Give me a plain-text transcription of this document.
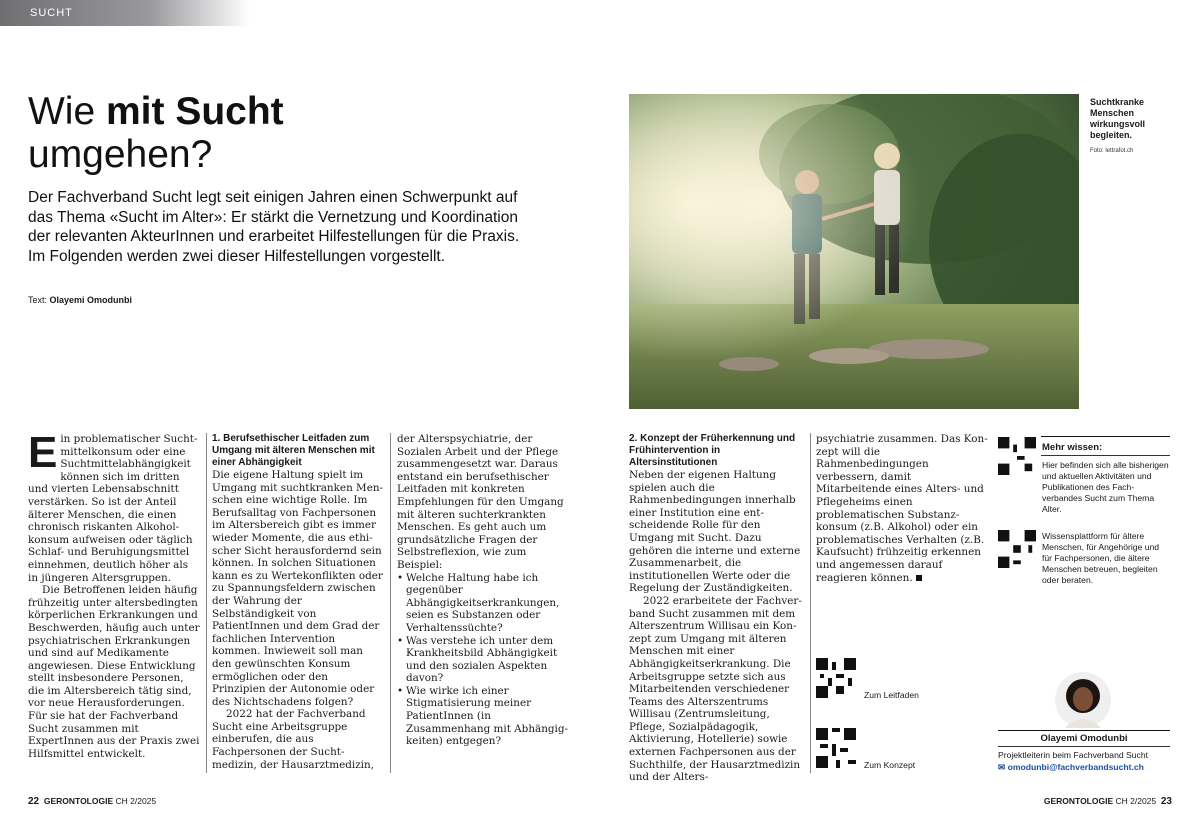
SUCHT
Wie mit Sucht
umgehen?
Der Fachverband Sucht legt seit einigen Jahren einen Schwerpunkt auf das Thema «Sucht im Alter»: Er stärkt die Vernetzung und Koordination der relevanten AkteurInnen und erarbeitet Hilfestellungen für die Praxis. Im Folgenden werden zwei dieser Hilfestellungen vorgestellt.
Text: Olayemi Omodunbi
Suchtkranke Menschen wirkungsvoll begleiten.
Foto: lettrafot.ch

Ein problematischer Suchtmittelkonsum oder eine Suchtmittelabhängigkeit können sich im dritten und vierten Lebensabschnitt verstärken. So ist der Anteil älterer Menschen, die einen chronisch riskanten Alkoholkonsum aufweisen oder täglich Schlaf- und Beruhigungsmittel einnehmen, deutlich höher als in jüngeren Altersgruppen.

Die Betroffenen leiden häufig frühzeitig unter altersbedingten körperlichen Erkrankungen und Beschwerden, häufig auch unter psychiatrischen Erkrankungen und sind auf Medikamente angewiesen. Diese Entwicklung stellt insbesondere Personen, die im Altersbereich tätig sind, vor neue Herausforderungen. Für sie hat der Fachverband Sucht zusammen mit ExpertInnen aus der Praxis zwei Hilfsmittel entwickelt.

1. Berufsethischer Leitfaden zum Umgang mit älteren Menschen mit einer Abhängigkeit

Die eigene Haltung spielt im Umgang mit suchtkranken Menschen eine wichtige Rolle. Im Berufsalltag von Fachpersonen im Altersbereich gibt es immer wieder Momente, die aus ethischer Sicht herausfordernd sein können. In solchen Situationen kann es zu Wertekonflikten oder zu Spannungsfeldern zwischen der Wahrung der Selbständigkeit von PatientInnen und dem Grad der fachlichen Intervention kommen. Inwieweit soll man den gewünschten Konsum ermöglichen oder den Prinzipien der Autonomie oder des Nichtschadens folgen?

2022 hat der Fachverband Sucht eine Arbeitsgruppe einberufen, die aus Fachpersonen der Suchtmedizin, der Hausarztmedizin,

der Alterspsychiatrie, der Sozialen Arbeit und der Pflege zusammengesetzt war. Daraus entstand ein berufsethischer Leitfaden mit konkreten Empfehlungen für den Umgang mit älteren suchterkrankten Menschen. Es geht auch um grundsätzliche Fragen der Selbstreflexion, wie zum Beispiel:

• Welche Haltung habe ich gegenüber Abhängigkeitserkrankungen, seien es Substanzen oder Verhaltenssüchte?
• Was verstehe ich unter dem Krankheitsbild Abhängigkeit und den sozialen Aspekten davon?
• Wie wirke ich einer Stigmatisierung meiner PatientInnen (in Zusammenhang mit Abhängigkeiten) entgegen?

2. Konzept der Früherkennung und Frühintervention in Altersinstitutionen

Neben der eigenen Haltung spielen auch die Rahmenbedingungen innerhalb einer Institution eine entscheidende Rolle für den Umgang mit Sucht. Dazu gehören die interne und externe Zusammenarbeit, die institutionellen Werte oder die Regelung der Zuständigkeiten.

2022 erarbeitete der Fachverband Sucht zusammen mit dem Alterszentrum Willisau ein Konzept zum Umgang mit älteren Menschen mit einer Abhängigkeitserkrankung. Die Arbeitsgruppe setzte sich aus Mitarbeitenden verschiedener Teams des Alterszentrums Willisau (Zentrumsleitung, Pflege, Sozialpädagogik, Aktivierung, Hotellerie) sowie externen Fachpersonen aus der Suchthilfe, der Hausarztmedizin und der Alters-

psychiatrie zusammen. Das Konzept will die Rahmenbedingungen verbessern, damit Mitarbeitende eines Alters- und Pflegeheims einen problematischen Substanzkonsum (z.B. Alkohol) oder ein problematisches Verhalten (z.B. Kaufsucht) frühzeitig erkennen und angemessen darauf reagieren können.

Zum Leitfaden
Zum Konzept
Mehr wissen:
Hier befinden sich alle bisherigen und aktuellen Aktivitäten und Publikationen des Fachverbandes Sucht zum Thema Alter.
Wissensplattform für ältere Menschen, für Angehörige und für Fachpersonen, die ältere Menschen betreuen, begleiten oder beraten.
Olayemi Omodunbi
Projektleiterin beim Fachverband Sucht
✉ omodunbi@fachverbandsucht.ch
22 GERONTOLOGIE CH 2/2025	GERONTOLOGIE CH 2/2025 23
